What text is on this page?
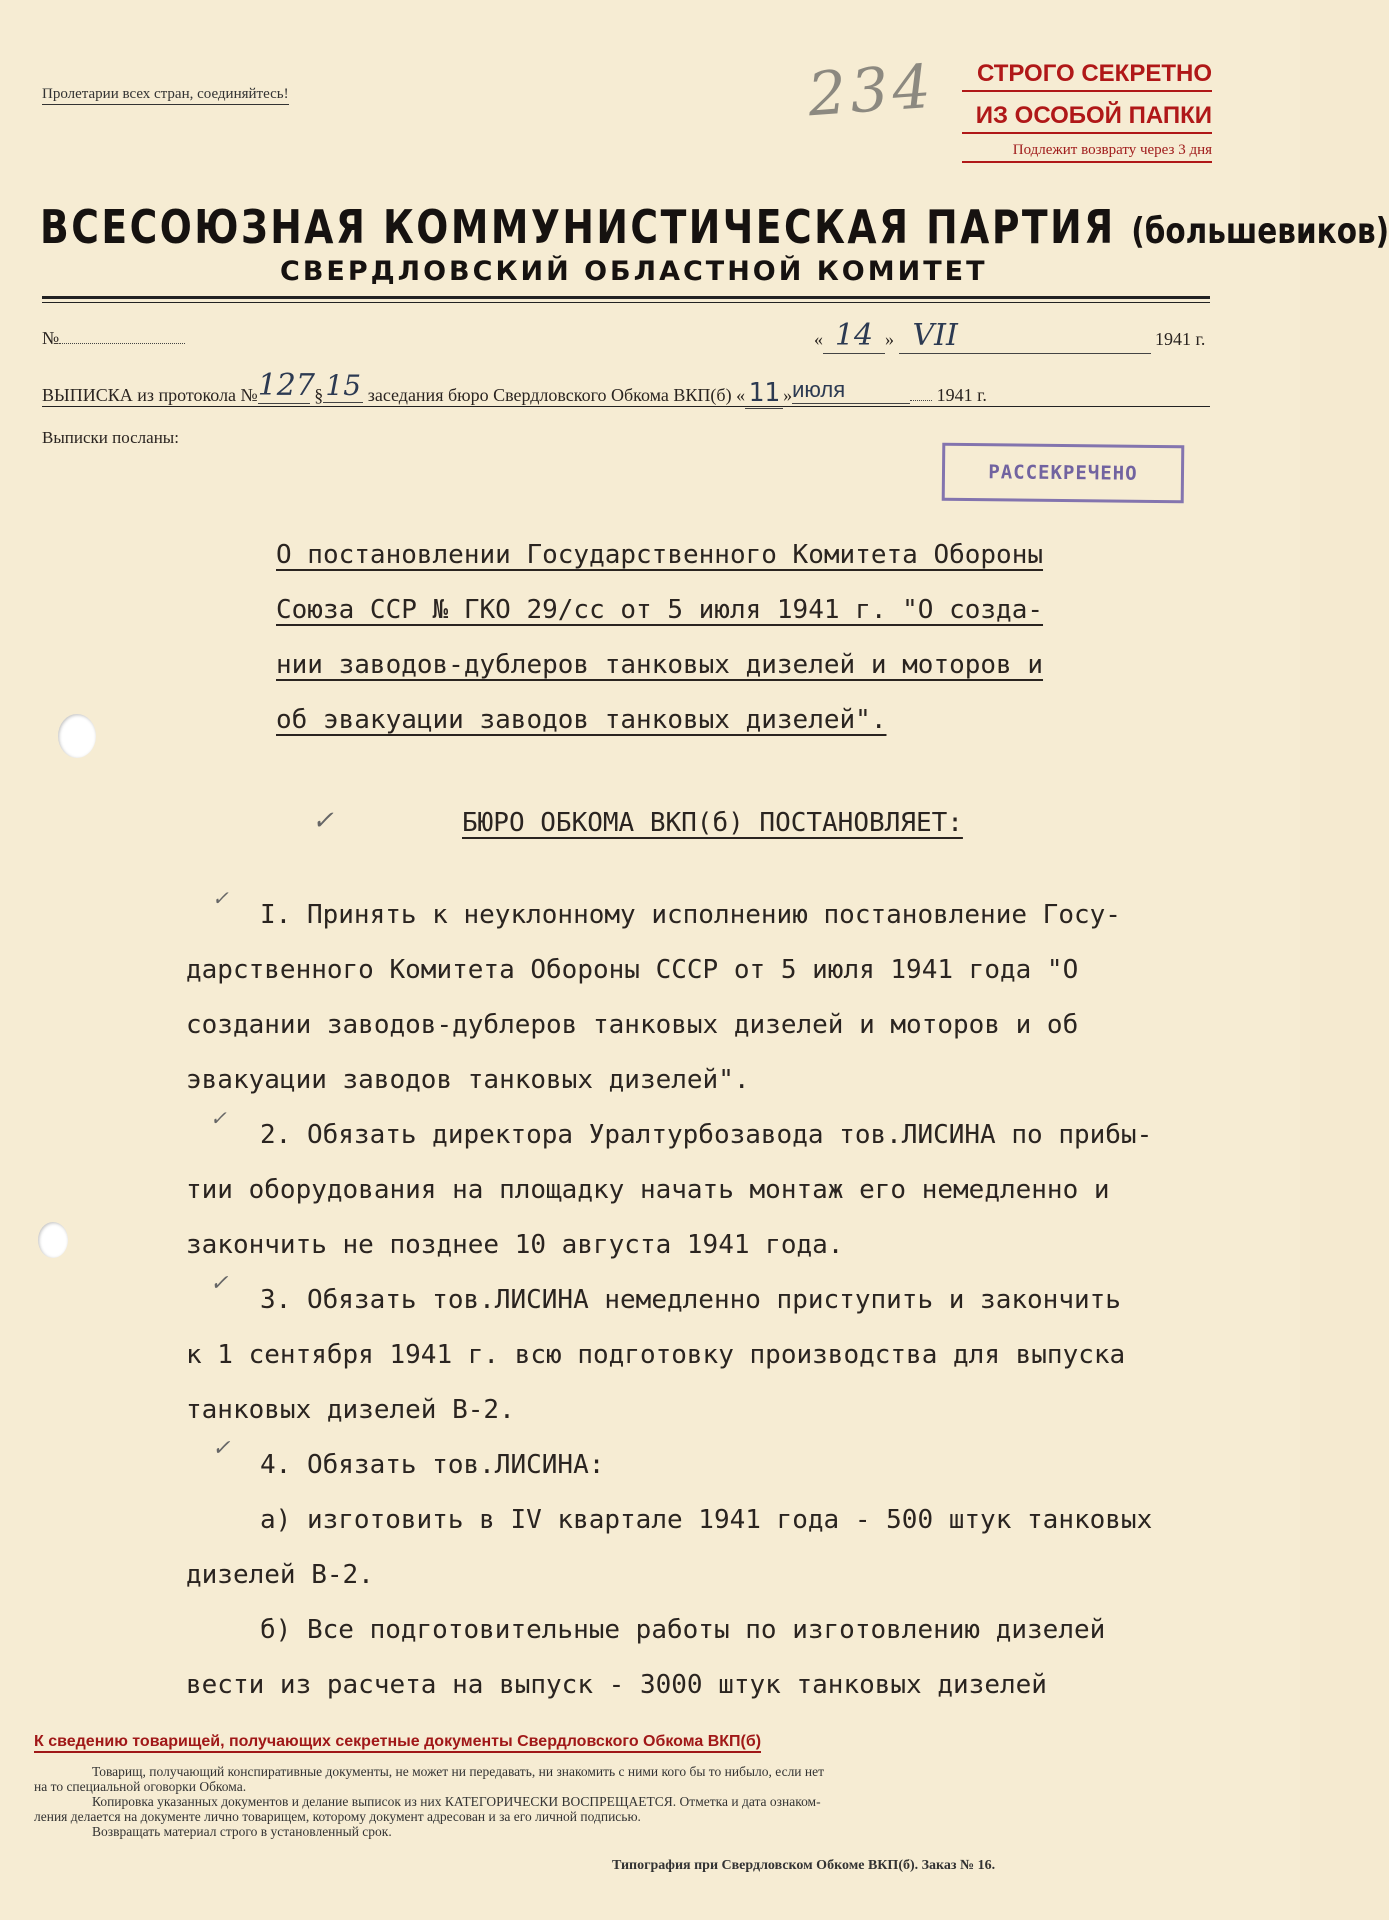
Пролетарии всех стран, соединяйтесь!	234	СТРОГО СЕКРЕТНО
ИЗ ОСОБОЙ ПАПКИ
Подлежит возврату через 3 дня
ВСЕСОЮЗНАЯ КОММУНИСТИЧЕСКАЯ ПАРТИЯ (большевиков)
СВЕРДЛОВСКИЙ ОБЛАСТНОЙ КОМИТЕТ
№	« 14 » VII	1941 г.
ВЫПИСКА из протокола №127 §15 заседания бюро Свердловского Обкома ВКП(б) « 11 »июля	1941 г.
Выписки посланы:
РАССЕКРЕЧЕНО
О постановлении Государственного Комитета Обороны
Союза ССР № ГКО 29/сс от 5 июля 1941 г. "О созда-
нии заводов-дублеров танковых дизелей и моторов и
об эвакуации заводов танковых дизелей".
✓	БЮРО ОБКОМА ВКП(б) ПОСТАНОВЛЯЕТ:
✓
✓
✓
✓
I. Принять к неуклонному исполнению постановление Госу-
дарственного Комитета Обороны СССР от 5 июля 1941 года "О
создании заводов-дублеров танковых дизелей и моторов и об
эвакуации заводов танковых дизелей".
2. Обязать директора Уралтурбозавода тов.ЛИСИНА по прибы-
тии оборудования на площадку начать монтаж его немедленно и
закончить не позднее 10 августа 1941 года.
3. Обязать тов.ЛИСИНА немедленно приступить и закончить
к 1 сентября 1941 г. всю подготовку производства для выпуска
танковых дизелей В-2.
4. Обязать тов.ЛИСИНА:
а) изготовить в IV квартале 1941 года - 500 штук танковых
дизелей В-2.
б) Все подготовительные работы по изготовлению дизелей
вести из расчета на выпуск - 3000 штук танковых дизелей
К сведению товарищей, получающих секретные документы Свердловского Обкома ВКП(б)
Товарищ, получающий конспиративные документы, не может ни передавать, ни знакомить с ними кого бы то нибыло, если нет
на то специальной оговорки Обкома.
Копировка указанных документов и делание выписок из них КАТЕГОРИЧЕСКИ ВОСПРЕЩАЕТСЯ. Отметка и дата ознаком-
ления делается на документе лично товарищем, которому документ адресован и за его личной подписью.
Возвращать материал строго в установленный срок.
Типография при Свердловском Обкоме ВКП(б). Заказ № 16.
